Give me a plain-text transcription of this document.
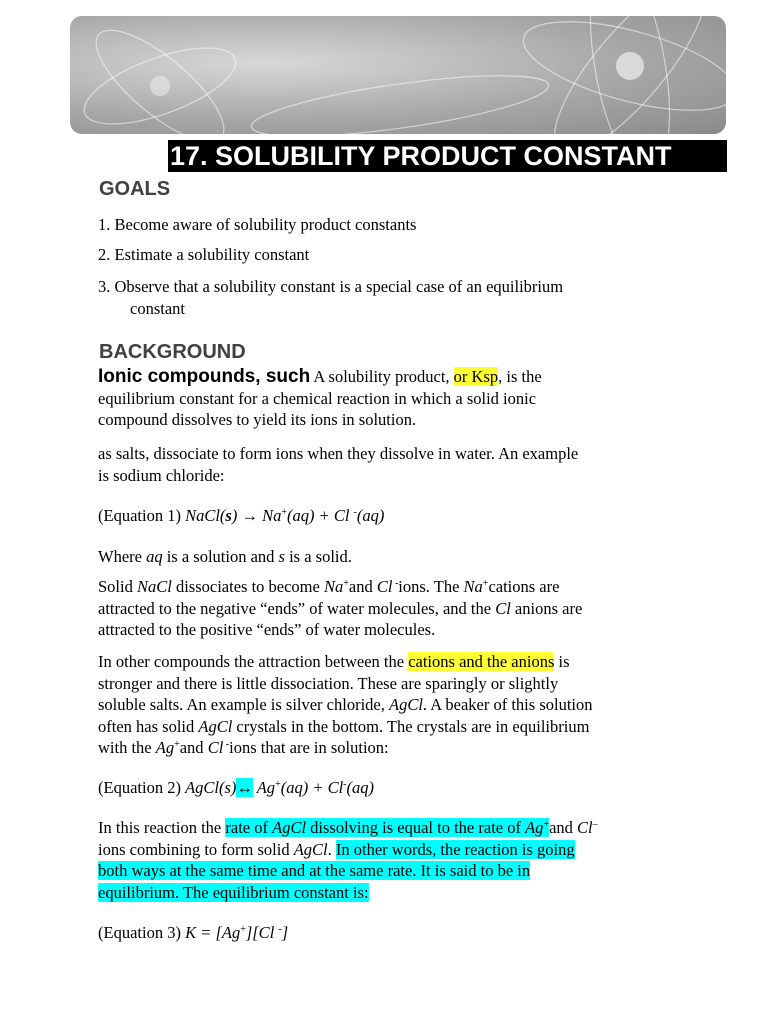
17. SOLUBILITY PRODUCT CONSTANT
GOALS
1. Become aware of solubility product constants
2. Estimate a solubility constant
3. Observe that a solubility constant is a special case of an equilibrium
constant
BACKGROUND
Ionic compounds, such A solubility product, or Ksp, is the
equilibrium constant for a chemical reaction in which a solid ionic
compound dissolves to yield its ions in solution.
as salts, dissociate to form ions when they dissolve in water. An example
is sodium chloride:
(Equation 1) NaCl(s) → Na+(aq) + Cl -(aq)
Where aq is a solution and s is a solid.
Solid NaCl dissociates to become Na+and Cl -ions. The Na+cations are
attracted to the negative “ends” of water molecules, and the Cl anions are
attracted to the positive “ends” of water molecules.
In other compounds the attraction between the cations and the anions is
stronger and there is little dissociation. These are sparingly or slightly
soluble salts. An example is silver chloride, AgCl. A beaker of this solution
often has solid AgCl crystals in the bottom. The crystals are in equilibrium
with the Ag+and Cl -ions that are in solution:
(Equation 2) AgCl(s)↔ Ag+(aq) + Cl-(aq)
In this reaction the rate of AgCl dissolving is equal to the rate of Ag+and Cl–
ions combining to form solid AgCl. In other words, the reaction is going
both ways at the same time and at the same rate. It is said to be in
equilibrium. The equilibrium constant is:
(Equation 3) K = [Ag+][Cl -]
